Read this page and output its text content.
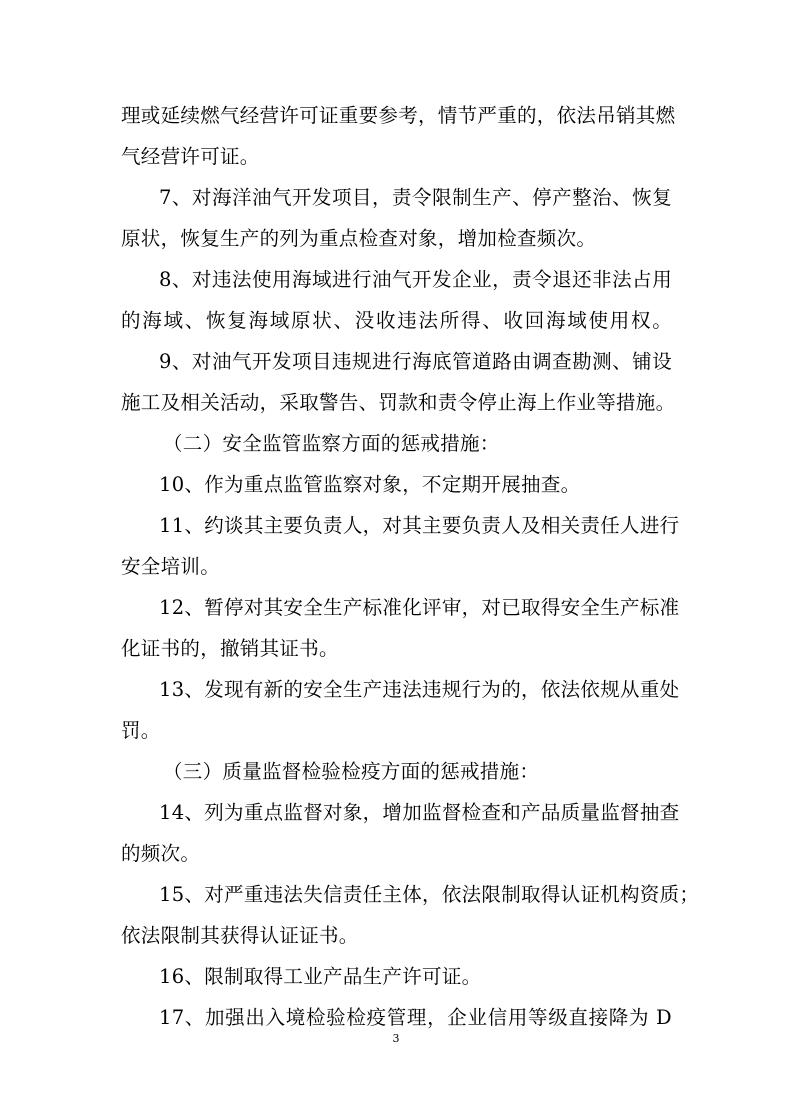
理或延续燃气经营许可证重要参考，情节严重的，依法吊销其燃
气经营许可证。
7、对海洋油气开发项目，责令限制生产、停产整治、恢复
原状，恢复生产的列为重点检查对象，增加检查频次。
8、对违法使用海域进行油气开发企业，责令退还非法占用
的海域、恢复海域原状、没收违法所得、收回海域使用权。
9、对油气开发项目违规进行海底管道路由调查勘测、铺设
施工及相关活动，采取警告、罚款和责令停止海上作业等措施。
（二）安全监管监察方面的惩戒措施：
10、作为重点监管监察对象，不定期开展抽查。
11、约谈其主要负责人，对其主要负责人及相关责任人进行
安全培训。
12、暂停对其安全生产标准化评审，对已取得安全生产标准
化证书的，撤销其证书。
13、发现有新的安全生产违法违规行为的，依法依规从重处
罚。
（三）质量监督检验检疫方面的惩戒措施：
14、列为重点监督对象，增加监督检查和产品质量监督抽查
的频次。
15、对严重违法失信责任主体，依法限制取得认证机构资质；
依法限制其获得认证证书。
16、限制取得工业产品生产许可证。
17、加强出入境检验检疫管理，企业信用等级直接降为 D
3
